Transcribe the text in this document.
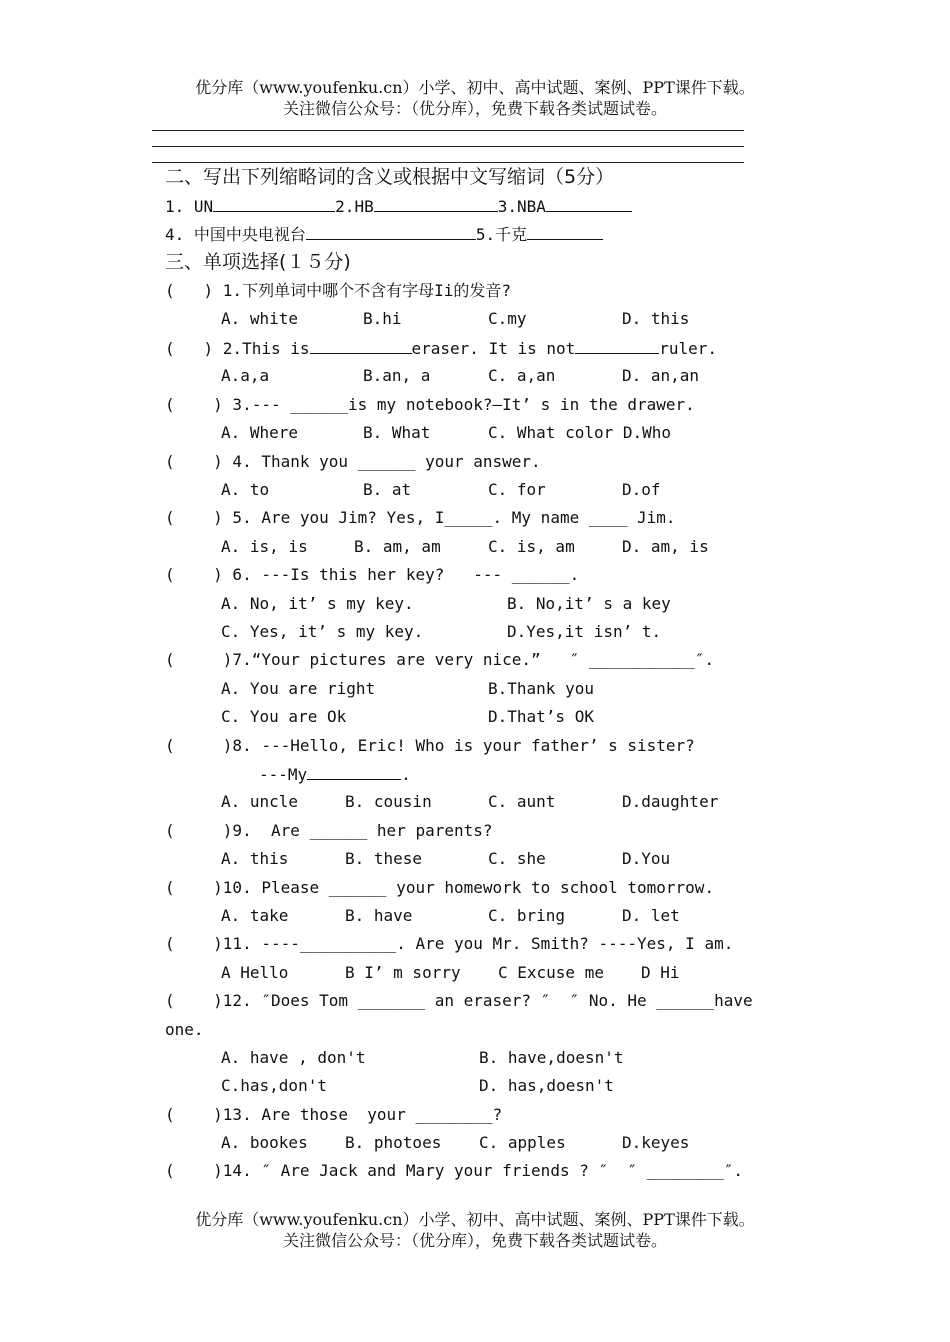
优分库（www.youfenku.cn）小学、初中、高中试题、案例、PPT课件下载。
关注微信公众号：（优分库），免费下载各类试题试卷。
二、写出下列缩略词的含义或根据中文写缩词（5分）
1. UN	2.HB	3.NBA
4. 中国中央电视台	5.千克
三、单项选择(１５分)
(   ) 1.下列单词中哪个不含有字母Ii的发音?
A. white	B.hi	C.my	D. this
(   ) 2.This is	eraser. It is not	ruler.
A.a,a	B.an, a	C. a,an	D. an,an
(    ) 3.--- ______is my notebook?—It’ s in the drawer.
A. Where	B. What	C. What color D.Who
(    ) 4. Thank you ______ your answer.
A. to	B. at	C. for	D.of
(    ) 5. Are you Jim? Yes, I_____. My name ____ Jim.
A. is, is	B. am, am	C. is, am	D. am, is
(    ) 6. ---Is this her key?   --- ______.
A. No, it’ s my key.	B. No,it’ s a key
C. Yes, it’ s my key.	D.Yes,it isn’ t.
(     )7.“Your pictures are very nice.”   ″ ___________″.
A. You are right	B.Thank you
C. You are Ok	D.That’s OK
(     )8. ---Hello, Eric! Who is your father’ s sister?
---My	.
A. uncle	B. cousin	C. aunt	D.daughter
(     )9.  Are ______ her parents?
A. this	B. these	C. she	D.You
(    )10. Please ______ your homework to school tomorrow.
A. take	B. have	C. bring	D. let
(    )11. ----__________. Are you Mr. Smith? ----Yes, I am.
A Hello	B I’ m sorry C Excuse me D Hi
(    )12. ″Does Tom _______ an eraser? ″  ″ No. He ______have
one.
A. have , don't	B. have,doesn't
C.has,don't	D. has,doesn't
(    )13. Are those  your ________?
A. bookes B. photoes C. apples	D.keyes
(    )14. ″ Are Jack and Mary your friends ? ″  ″ ________″.
优分库（www.youfenku.cn）小学、初中、高中试题、案例、PPT课件下载。
关注微信公众号：（优分库），免费下载各类试题试卷。
